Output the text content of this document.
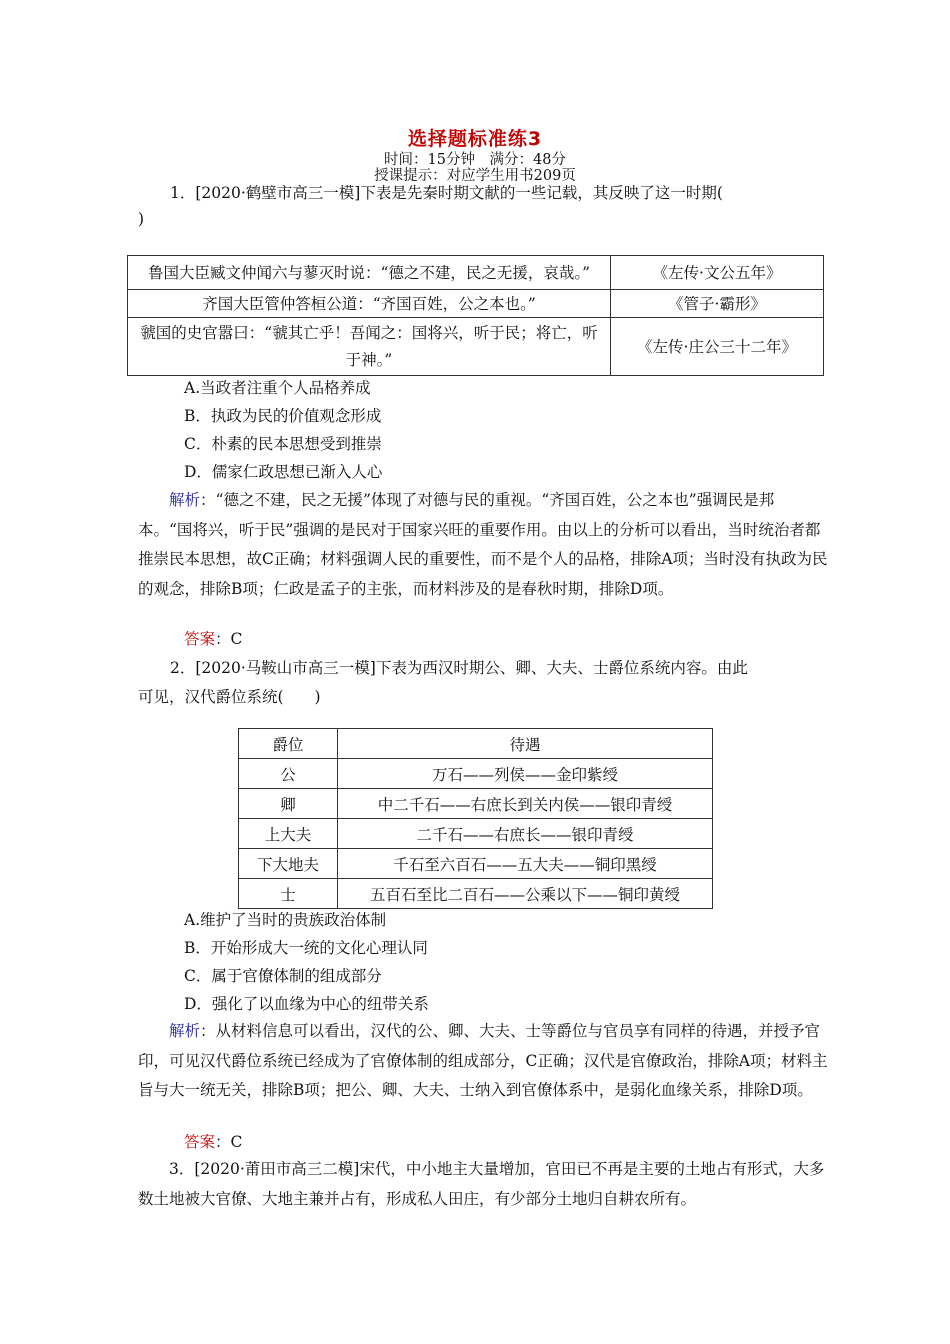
选择题标准练3
时间：15分钟　满分：48分
授课提示：对应学生用书209页
1．[2020·鹤壁市高三一模]下表是先秦时期文献的一些记载，其反映了这一时期(
)
鲁国大臣臧文仲闻六与蓼灭时说：“德之不建，民之无援，哀哉。”	《左传·文公五年》
齐国大臣管仲答桓公道：“齐国百姓，公之本也。”	《管子·霸形》
虢国的史官嚣曰：“虢其亡乎！吾闻之：国将兴，听于民；将亡，听于神。”	《左传·庄公三十二年》
A.当政者注重个人品格养成
B．执政为民的价值观念形成
C．朴素的民本思想受到推崇
D．儒家仁政思想已渐入人心
解析：“德之不建，民之无援”体现了对德与民的重视。“齐国百姓，公之本也”强调民是邦本。“国将兴，听于民”强调的是民对于国家兴旺的重要作用。由以上的分析可以看出，当时统治者都推崇民本思想，故C正确；材料强调人民的重要性，而不是个人的品格，排除A项；当时没有执政为民的观念，排除B项；仁政是孟子的主张，而材料涉及的是春秋时期，排除D项。
答案：C
2．[2020·马鞍山市高三一模]下表为西汉时期公、卿、大夫、士爵位系统内容。由此
可见，汉代爵位系统(　　)
爵位	待遇
公	万石——列侯——金印紫绶
卿	中二千石——右庶长到关内侯——银印青绶
上大夫	二千石——右庶长——银印青绶
下大地夫	千石至六百石——五大夫——铜印黑绶
士	五百石至比二百石——公乘以下——铜印黄绶
A.维护了当时的贵族政治体制
B．开始形成大一统的文化心理认同
C．属于官僚体制的组成部分
D．强化了以血缘为中心的纽带关系
解析：从材料信息可以看出，汉代的公、卿、大夫、士等爵位与官员享有同样的待遇，并授予官印，可见汉代爵位系统已经成为了官僚体制的组成部分，C正确；汉代是官僚政治，排除A项；材料主旨与大一统无关，排除B项；把公、卿、大夫、士纳入到官僚体系中，是弱化血缘关系，排除D项。
答案：C
3．[2020·莆田市高三二模]宋代，中小地主大量增加，官田已不再是主要的土地占有形式，大多数土地被大官僚、大地主兼并占有，形成私人田庄，有少部分土地归自耕农所有。
